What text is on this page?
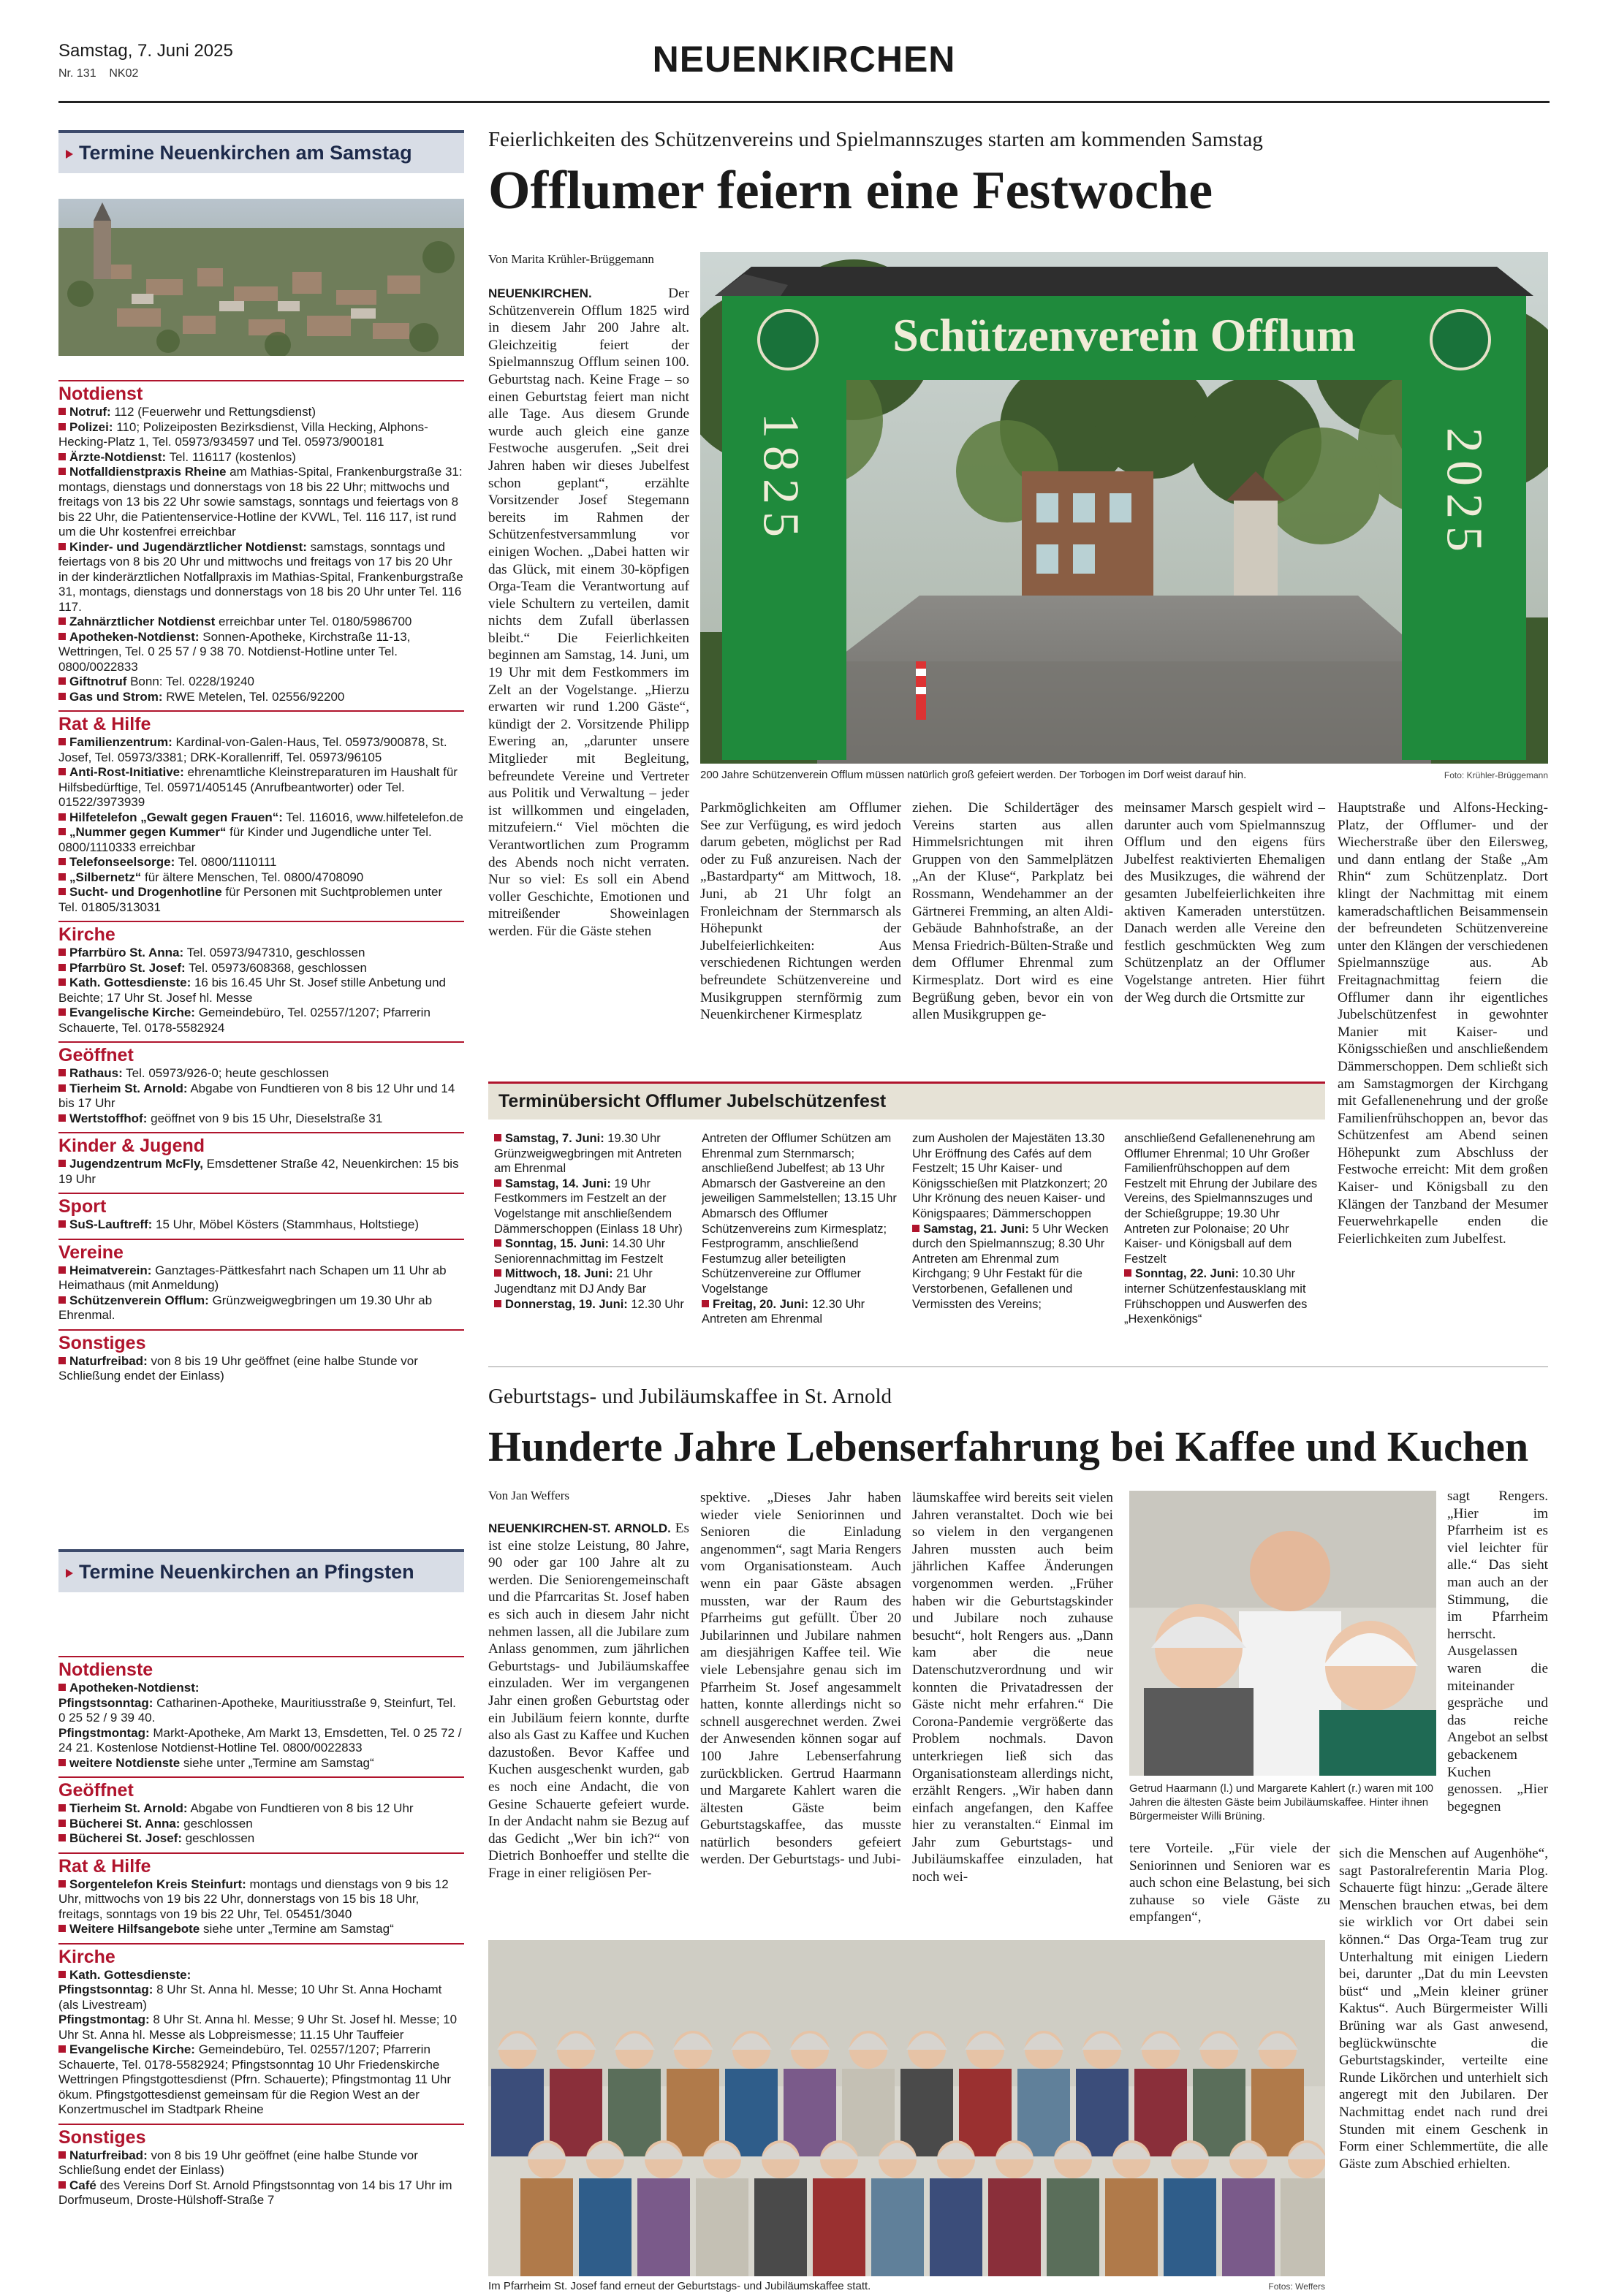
Samstag, 7. Juni 2025
Nr. 131 NK02	NEUENKIRCHEN
Termine Neuenkirchen am Samstag
Notdienst
Notruf: 112 (Feuerwehr und Rettungsdienst)
Polizei: 110; Polizeiposten Bezirksdienst, Villa Hecking, Alphons-Hecking-Platz 1, Tel. 05973/934597 und Tel. 05973/900181
Ärzte-Notdienst: Tel. 116117 (kostenlos)
Notfalldienstpraxis Rheine am Mathias-Spital, Frankenburgstraße 31: montags, dienstags und donnerstags von 18 bis 22 Uhr; mittwochs und freitags von 13 bis 22 Uhr sowie samstags, sonntags und feiertags von 8 bis 22 Uhr, die Patientenservice-Hotline der KVWL, Tel. 116 117, ist rund um die Uhr kostenfrei erreichbar
Kinder- und Jugendärztlicher Notdienst: samstags, sonntags und feiertags von 8 bis 20 Uhr und mittwochs und freitags von 17 bis 20 Uhr in der kinderärztlichen Notfallpraxis im Mathias-Spital, Frankenburgstraße 31, montags, dienstags und donnerstags von 18 bis 20 Uhr unter Tel. 116 117.
Zahnärztlicher Notdienst erreichbar unter Tel. 0180/5986700
Apotheken-Notdienst: Sonnen-Apotheke, Kirchstraße 11-13, Wettringen, Tel. 0 25 57 / 9 38 70. Notdienst-Hotline unter Tel. 0800/0022833
Giftnotruf Bonn: Tel. 0228/19240
Gas und Strom: RWE Metelen, Tel. 02556/92200
Rat & Hilfe
Familienzentrum: Kardinal-von-Galen-Haus, Tel. 05973/900878, St. Josef, Tel. 05973/3381; DRK-Korallenriff, Tel. 05973/96105
Anti-Rost-Initiative: ehrenamtliche Kleinstreparaturen im Haushalt für Hilfsbedürftige, Tel. 05971/405145 (Anrufbeantworter) oder Tel. 01522/3973939
Hilfetelefon „Gewalt gegen Frauen“: Tel. 116016, www.hilfetelefon.de
„Nummer gegen Kummer“ für Kinder und Jugendliche unter Tel. 0800/1110333 erreichbar
Telefonseelsorge: Tel. 0800/1110111
„Silbernetz“ für ältere Menschen, Tel. 0800/4708090
Sucht- und Drogenhotline für Personen mit Suchtproblemen unter Tel. 01805/313031
Kirche
Pfarrbüro St. Anna: Tel. 05973/947310, geschlossen
Pfarrbüro St. Josef: Tel. 05973/608368, geschlossen
Kath. Gottesdienste: 16 bis 16.45 Uhr St. Josef stille Anbetung und Beichte; 17 Uhr St. Josef hl. Messe
Evangelische Kirche: Gemeindebüro, Tel. 02557/1207; Pfarrerin Schauerte, Tel. 0178-5582924
Geöffnet
Rathaus: Tel. 05973/926-0; heute geschlossen
Tierheim St. Arnold: Abgabe von Fundtieren von 8 bis 12 Uhr und 14 bis 17 Uhr
Wertstoffhof: geöffnet von 9 bis 15 Uhr, Dieselstraße 31
Kinder & Jugend
Jugendzentrum McFly, Emsdettener Straße 42, Neuenkirchen: 15 bis 19 Uhr
Sport
SuS-Lauftreff: 15 Uhr, Möbel Kösters (Stammhaus, Holtstiege)
Vereine
Heimatverein: Ganztages-Pättkesfahrt nach Schapen um 11 Uhr ab Heimathaus (mit Anmeldung)
Schützenverein Offlum: Grünzweigwegbringen um 19.30 Uhr ab Ehrenmal.
Sonstiges
Naturfreibad: von 8 bis 19 Uhr geöffnet (eine halbe Stunde vor Schließung endet der Einlass)
Termine Neuenkirchen an Pfingsten
Notdienste
Apotheken-Notdienst:
Pfingstsonntag: Catharinen-Apotheke, Mauritiusstraße 9, Steinfurt, Tel. 0 25 52 / 9 39 40.
Pfingstmontag: Markt-Apotheke, Am Markt 13, Emsdetten, Tel. 0 25 72 / 24 21. Kostenlose Notdienst-Hotline Tel. 0800/0022833
weitere Notdienste siehe unter „Termine am Samstag“
Geöffnet
Tierheim St. Arnold: Abgabe von Fundtieren von 8 bis 12 Uhr
Bücherei St. Anna: geschlossen
Bücherei St. Josef: geschlossen
Rat & Hilfe
Sorgentelefon Kreis Steinfurt: montags und dienstags von 9 bis 12 Uhr, mittwochs von 19 bis 22 Uhr, donnerstags von 15 bis 18 Uhr, freitags, sonntags von 19 bis 22 Uhr, Tel. 05451/3040
Weitere Hilfsangebote siehe unter „Termine am Samstag“
Kirche
Kath. Gottesdienste:
Pfingstsonntag: 8 Uhr St. Anna hl. Messe; 10 Uhr St. Anna Hochamt (als Livestream)
Pfingstmontag: 8 Uhr St. Anna hl. Messe; 9 Uhr St. Josef hl. Messe; 10 Uhr St. Anna hl. Messe als Lobpreismesse; 11.15 Uhr Tauffeier
Evangelische Kirche: Gemeindebüro, Tel. 02557/1207; Pfarrerin Schauerte, Tel. 0178-5582924; Pfingstsonntag 10 Uhr Friedenskirche Wettringen Pfingstgottesdienst (Pfrn. Schauerte); Pfingstmontag 11 Uhr ökum. Pfingstgottesdienst gemeinsam für die Region West an der Konzertmuschel im Stadtpark Rheine
Sonstiges
Naturfreibad: von 8 bis 19 Uhr geöffnet (eine halbe Stunde vor Schließung endet der Einlass)
Café des Vereins Dorf St. Arnold Pfingstsonntag von 14 bis 17 Uhr im Dorfmuseum, Droste-Hülshoff-Straße 7
Feierlichkeiten des Schützenvereins und Spielmannszuges starten am kommenden Samstag
Offlumer feiern eine Festwoche
Von Marita Krühler-Brüggemann
Schützenverein Offlum
1825	2025
200 Jahre Schützenverein Offlum müssen natürlich groß gefeiert werden. Der Torbogen im Dorf weist darauf hin.	Foto: Krühler-Brüggemann
NEUENKIRCHEN. Der Schützenverein Offlum 1825 wird in diesem Jahr 200 Jahre alt. Gleichzeitig feiert der Spielmannszug Offlum seinen 100. Geburtstag nach. Keine Frage – so einen Geburtstag feiert man nicht alle Tage. Aus diesem Grunde wurde auch gleich eine ganze Festwoche ausgerufen. „Seit drei Jahren haben wir dieses Jubelfest schon geplant“, erzählte Vorsitzender Josef Stegemann bereits im Rahmen der Schützenfestversammlung vor einigen Wochen. „Dabei hatten wir das Glück, mit einem 30-köpfigen Orga-Team die Verantwortung auf viele Schultern zu verteilen, damit nichts dem Zufall überlassen bleibt.“ Die Feierlichkeiten beginnen am Samstag, 14. Juni, um 19 Uhr mit dem Festkommers im Zelt an der Vogelstange. „Hierzu erwarten wir rund 1.200 Gäste“, kündigt der 2. Vorsitzende Philipp Ewering an, „darunter unsere Mitglieder mit Begleitung, befreundete Vereine und Vertreter aus Politik und Verwaltung – jeder ist willkommen und eingeladen, mitzufeiern.“ Viel möchten die Verantwortlichen zum Programm des Abends noch nicht verraten. Nur so viel: Es soll ein Abend voller Geschichte, Emotionen und mitreißender Showeinlagen werden. Für die Gäste stehen
Parkmöglichkeiten am Offlumer See zur Verfügung, es wird jedoch darum gebeten, möglichst per Rad oder zu Fuß anzureisen. Nach der „Bastardparty“ am Mittwoch, 18. Juni, ab 21 Uhr folgt an Fronleichnam der Sternmarsch als Höhepunkt der Jubelfeierlichkeiten: Aus verschiedenen Richtungen werden befreundete Schützenvereine und Musikgruppen sternförmig zum Neuenkirchener Kirmesplatz
ziehen. Die Schildertäger des Vereins starten aus allen Himmelsrichtungen mit ihren Gruppen von den Sammelplätzen „An der Kluse“, Parkplatz bei Rossmann, Wendehammer an der Gärtnerei Fremming, an alten Aldi-Gebäude Bahnhofstraße, an der Mensa Friedrich-Bülten-Straße und dem Offlumer Ehrenmal zum Kirmesplatz. Dort wird es eine Begrüßung geben, bevor ein von allen Musikgruppen ge-
meinsamer Marsch gespielt wird – darunter auch vom Spielmannszug Offlum und den eigens fürs Jubelfest reaktivierten Ehemaligen des Musikzuges, die während der gesamten Jubelfeierlichkeiten ihre aktiven Kameraden unterstützen. Danach werden alle Vereine den festlich geschmückten Weg zum Schützenplatz an der Offlumer Vogelstange antreten. Hier führt der Weg durch die Ortsmitte zur
Hauptstraße und Alfons-Hecking-Platz, der Offlumer- und der Wiecherstraße über den Eilersweg, und dann entlang der Staße „Am Rhin“ zum Schützenplatz. Dort klingt der Nachmittag mit einem kameradschaftlichen Beisammensein der befreundeten Schützenvereine unter den Klängen der verschiedenen Spielmannszüge aus. Ab Freitagnachmittag feiern die Offlumer dann ihr eigentliches Jubelschützenfest in gewohnter Manier mit Kaiser- und Königsschießen und anschließendem Dämmerschoppen. Dem schließt sich am Samstagmorgen der Kirchgang mit Gefallenenehrung und der große Familienfrühschoppen an, bevor das Schützenfest am Abend seinen Höhepunkt zum Abschluss der Festwoche erreicht: Mit dem großen Kaiser- und Königsball zu den Klängen der Tanzband der Mesumer Feuerwehrkapelle enden die Feierlichkeiten zum Jubelfest.
Terminübersicht Offlumer Jubelschützenfest
Samstag, 7. Juni: 19.30 Uhr Grünzweigwegbringen mit Antreten am Ehrenmal
Samstag, 14. Juni: 19 Uhr Festkommers im Festzelt an der Vogelstange mit anschließendem Dämmerschoppen (Einlass 18 Uhr)
Sonntag, 15. Juni: 14.30 Uhr Seniorennachmittag im Festzelt
Mittwoch, 18. Juni: 21 Uhr Jugendtanz mit DJ Andy Bar
Donnerstag, 19. Juni: 12.30 Uhr
Antreten der Offlumer Schützen am Ehrenmal zum Sternmarsch; anschließend Jubelfest; ab 13 Uhr Abmarsch der Gastvereine an den jeweiligen Sammelstellen; 13.15 Uhr Abmarsch des Offlumer Schützenvereins zum Kirmesplatz; Festprogramm, anschließend Festumzug aller beteiligten Schützenvereine zur Offlumer Vogelstange
Freitag, 20. Juni: 12.30 Uhr Antreten am Ehrenmal
zum Ausholen der Majestäten 13.30 Uhr Eröffnung des Cafés auf dem Festzelt; 15 Uhr Kaiser- und Königsschießen mit Platzkonzert; 20 Uhr Krönung des neuen Kaiser- und Königspaares; Dämmerschoppen
Samstag, 21. Juni: 5 Uhr Wecken durch den Spielmannszug; 8.30 Uhr Antreten am Ehrenmal zum Kirchgang; 9 Uhr Festakt für die Verstorbenen, Gefallenen und Vermissten des Vereins;
anschließend Gefallenenehrung am Offlumer Ehrenmal; 10 Uhr Großer Familienfrühschoppen auf dem Festzelt mit Ehrung der Jubilare des Vereins, des Spielmannszuges und der Schießgruppe; 19.30 Uhr Antreten zur Polonaise; 20 Uhr Kaiser- und Königsball auf dem Festzelt
Sonntag, 22. Juni: 10.30 Uhr interner Schützenfestausklang mit Frühschoppen und Auswerfen des „Hexenkönigs“
Geburtstags- und Jubiläumskaffee in St. Arnold
Hunderte Jahre Lebenserfahrung bei Kaffee und Kuchen
Von Jan Weffers
NEUENKIRCHEN-ST. ARNOLD. Es ist eine stolze Leistung, 80 Jahre, 90 oder gar 100 Jahre alt zu werden. Die Seniorengemeinschaft und die Pfarrcaritas St. Josef haben es sich auch in diesem Jahr nicht nehmen lassen, all die Jubilare zum Anlass genommen, zum jährlichen Geburtstags- und Jubiläumskaffee einzuladen. Wer im vergangenen Jahr einen großen Geburtstag oder ein Jubiläum feiern konnte, durfte also als Gast zu Kaffee und Kuchen dazustoßen. Bevor Kaffee und Kuchen ausgeschenkt wurden, gab es noch eine Andacht, die von Gesine Schauerte gefeiert wurde. In der Andacht nahm sie Bezug auf das Gedicht „Wer bin ich?“ von Dietrich Bonhoeffer und stellte die Frage in einer religiösen Per-
spektive. „Dieses Jahr haben wieder viele Seniorinnen und Senioren die Einladung angenommen“, sagt Maria Rengers vom Organisationsteam. Auch wenn ein paar Gäste absagen mussten, war der Raum des Pfarrheims gut gefüllt. Über 20 Jubilarinnen und Jubilare nahmen am diesjährigen Kaffee teil. Wie viele Lebensjahre genau sich im Pfarrheim St. Josef angesammelt hatten, konnte allerdings nicht so schnell ausgerechnet werden. Zwei der Anwesenden können sogar auf 100 Jahre Lebenserfahrung zurückblicken. Gertrud Haarmann und Margarete Kahlert waren die ältesten Gäste beim Geburtstagskaffee, das musste natürlich besonders gefeiert werden. Der Geburtstags- und Jubi-
läumskaffee wird bereits seit vielen Jahren veranstaltet. Doch wie bei so vielem in den vergangenen Jahren mussten auch beim jährlichen Kaffee Änderungen vorgenommen werden. „Früher haben wir die Geburtstagskinder und Jubilare noch zuhause besucht“, holt Rengers aus. „Dann kam aber die neue Datenschutzverordnung und wir konnten die Privatadressen der Gäste nicht mehr erfahren.“ Die Corona-Pandemie vergrößerte das Problem nochmals. Davon unterkriegen ließ sich das Organisationsteam allerdings nicht, erzählt Rengers. „Wir haben dann einfach angefangen, den Kaffee hier zu veranstalten.“ Einmal im Jahr zum Geburtstags- und Jubiläumskaffee einzuladen, hat noch wei-
Getrud Haarmann (l.) und Margarete Kahlert (r.) waren mit 100 Jahren die ältesten Gäste beim Jubiläumskaffee. Hinter ihnen Bürgermeister Willi Brüning.
tere Vorteile. „Für viele der Seniorinnen und Senioren war es auch schon eine Belastung, bei sich zuhause so viele Gäste zu empfangen“,
sagt Rengers. „Hier im Pfarrheim ist es viel leichter für alle.“ Das sieht man auch an der Stimmung, die im Pfarrheim herrscht. Ausgelassen waren die miteinander gespräche und das reiche Angebot an selbst gebackenem Kuchen genossen. „Hier begegnen
sich die Menschen auf Augenhöhe“, sagt Pastoralreferentin Maria Plog. Schauerte fügt hinzu: „Gerade ältere Menschen brauchen etwas, bei dem sie wirklich vor Ort dabei sein können.“ Das Orga-Team trug zur Unterhaltung mit einigen Liedern bei, darunter „Dat du min Leevsten büst“ und „Mein kleiner grüner Kaktus“. Auch Bürgermeister Willi Brüning war als Gast anwesend, beglückwünschte die Geburtstagskinder, verteilte eine Runde Likörchen und unterhielt sich angeregt mit den Jubilaren. Der Nachmittag endet nach rund drei Stunden mit einem Geschenk in Form einer Schlemmertüte, die alle Gäste zum Abschied erhielten.
Im Pfarrheim St. Josef fand erneut der Geburtstags- und Jubiläumskaffee statt.	Fotos: Weffers
